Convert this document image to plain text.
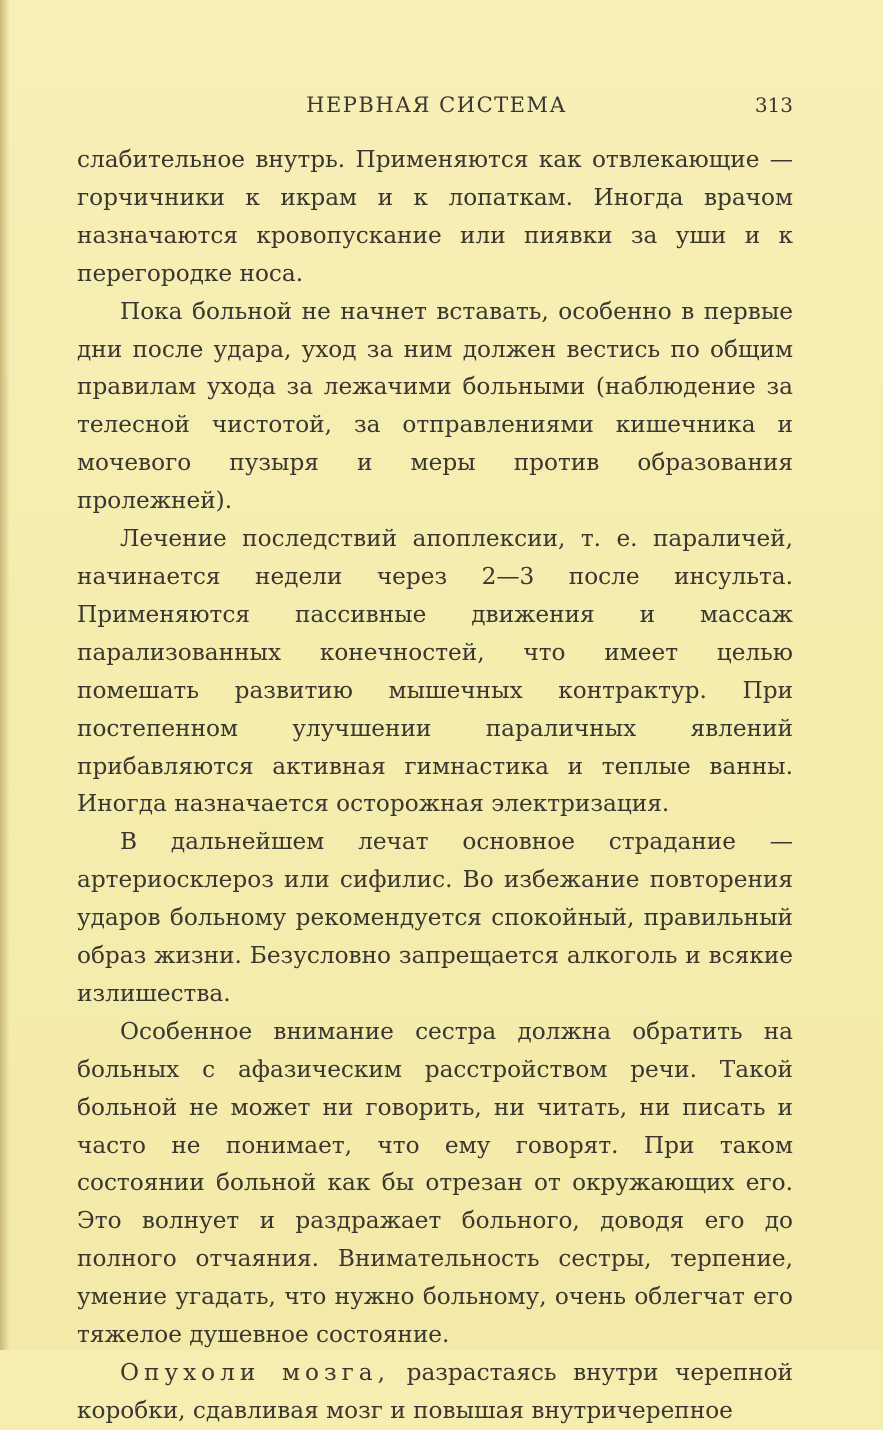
НЕРВНАЯ СИСТЕМА	313

слабительное внутрь. Применяются как отвлекающие — горчичники к икрам и к лопаткам. Иногда врачом назначаются кровопускание или пиявки за уши и к перегородке носа.

Пока больной не начнет вставать, особенно в первые дни после удара, уход за ним должен вестись по общим правилам ухода за лежачими больными (наблюдение за телесной чистотой, за отправлениями кишечника и мочевого пузыря и меры против образования пролежней).

Лечение последствий апоплексии, т. е. параличей, начинается недели через 2—3 после инсульта. Применяются пассивные движения и массаж парализованных конечностей, что имеет целью помешать развитию мышечных контрактур. При постепенном улучшении параличных явлений прибавляются активная гимнастика и теплые ванны. Иногда назначается осторожная электризация.

В дальнейшем лечат основное страдание — артериосклероз или сифилис. Во избежание повторения ударов больному рекомендуется спокойный, правильный образ жизни. Безусловно запрещается алкоголь и всякие излишества.

Особенное внимание сестра должна обратить на больных с афазическим расстройством речи. Такой больной не может ни говорить, ни читать, ни писать и часто не понимает, что ему говорят. При таком состоянии больной как бы отрезан от окружающих его. Это волнует и раздражает больного, доводя его до полного отчаяния. Внимательность сестры, терпение, умение угадать, что нужно больному, очень облегчат его тяжелое душевное состояние.

Опухоли мозга, разрастаясь внутри черепной коробки, сдавливая мозг и повышая внутричерепное
